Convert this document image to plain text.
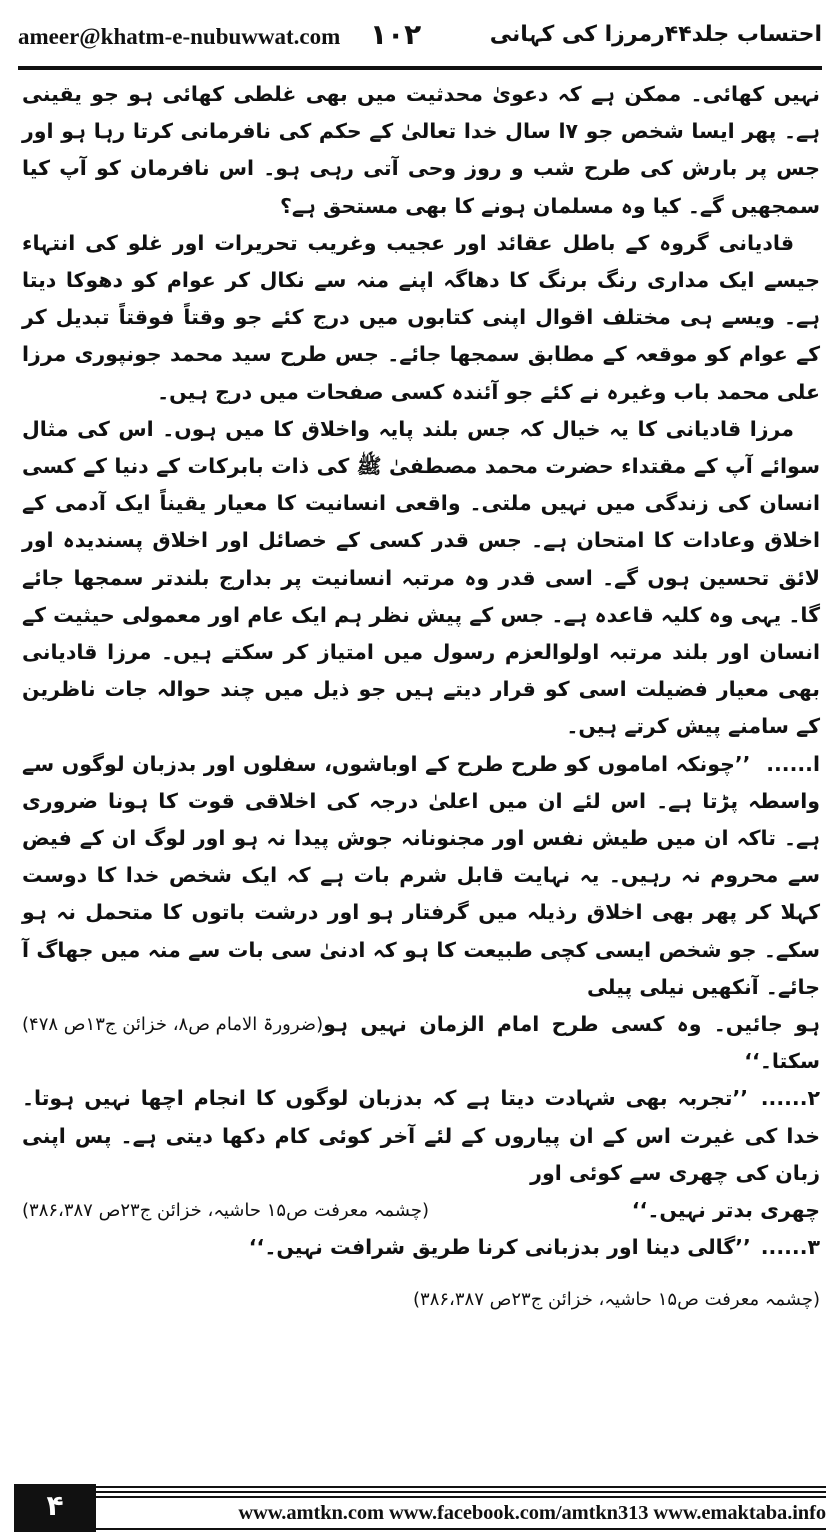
ameer@khatm-e-nubuwwat.com ١٠٢	احتساب جلد۴۴رمرزا کی کہانی

نہیں کھائی۔ ممکن ہے کہ دعویٰ محدثیت میں بھی غلطی کھائی ہو جو یقینی ہے۔ پھر ایسا شخص جو ۷ا سال خدا تعالیٰ کے حکم کی نافرمانی کرتا رہا ہو اور جس پر بارش کی طرح شب و روز وحی آتی رہی ہو۔ اس نافرمان کو آپ کیا سمجھیں گے۔ کیا وہ مسلمان ہونے کا بھی مستحق ہے؟

قادیانی گروہ کے باطل عقائد اور عجیب وغریب تحریرات اور غلو کی انتہاء جیسے ایک مداری رنگ برنگ کا دھاگہ اپنے منہ سے نکال کر عوام کو دھوکا دیتا ہے۔ ویسے ہی مختلف اقوال اپنی کتابوں میں درج کئے جو وقتاً فوقتاً تبدیل کر کے عوام کو موقعہ کے مطابق سمجھا جائے۔ جس طرح سید محمد جونپوری مرزا علی محمد باب وغیرہ نے کئے جو آئندہ کسی صفحات میں درج ہیں۔

مرزا قادیانی کا یہ خیال کہ جس بلند پایہ واخلاق کا میں ہوں۔ اس کی مثال سوائے آپ کے مقتداء حضرت محمد مصطفیٰ ﷺ کی ذات بابرکات کے دنیا کے کسی انسان کی زندگی میں نہیں ملتی۔ واقعی انسانیت کا معیار یقیناً ایک آدمی کے اخلاق وعادات کا امتحان ہے۔ جس قدر کسی کے خصائل اور اخلاق پسندیدہ اور لائق تحسین ہوں گے۔ اسی قدر وہ مرتبہ انسانیت پر بدارج بلندتر سمجھا جائے گا۔ یہی وہ کلیہ قاعدہ ہے۔ جس کے پیش نظر ہم ایک عام اور معمولی حیثیت کے انسان اور بلند مرتبہ اولوالعزم رسول میں امتیاز کر سکتے ہیں۔ مرزا قادیانی بھی معیار فضیلت اسی کو قرار دیتے ہیں جو ذیل میں چند حوالہ جات ناظرین کے سامنے پیش کرتے ہیں۔

ا...... ’’چونکہ اماموں کو طرح طرح کے اوباشوں، سفلوں اور بدزبان لوگوں سے واسطہ پڑتا ہے۔ اس لئے ان میں اعلیٰ درجہ کی اخلاقی قوت کا ہونا ضروری ہے۔ تاکہ ان میں طیش نفس اور مجنونانہ جوش پیدا نہ ہو اور لوگ ان کے فیض سے محروم نہ رہیں۔ یہ نہایت قابل شرم بات ہے کہ ایک شخص خدا کا دوست کہلا کر پھر بھی اخلاق رذیلہ میں گرفتار ہو اور درشت باتوں کا متحمل نہ ہو سکے۔ جو شخص ایسی کچی طبیعت کا ہو کہ ادنیٰ سی بات سے منہ میں جھاگ آ جائے۔ آنکھیں نیلی پیلی

ہو جائیں۔ وہ کسی طرح امام الزمان نہیں ہو سکتا۔‘‘
(ضرورۃ الامام ص۸، خزائن ج۱۳ص ۴۷۸)

۲...... ’’تجربہ بھی شہادت دیتا ہے کہ بدزبان لوگوں کا انجام اچھا نہیں ہوتا۔ خدا کی غیرت اس کے ان پیاروں کے لئے آخر کوئی کام دکھا دیتی ہے۔ پس اپنی زبان کی چھری سے کوئی اور

چھری بدتر نہیں۔‘‘
(چشمہ معرفت ص۱۵ حاشیہ، خزائن ج۲۳ص ۳۸۶،۳۸۷)

۳...... ’’گالی دینا اور بدزبانی کرنا طریق شرافت نہیں۔‘‘

(چشمہ معرفت ص۱۵ حاشیہ، خزائن ج۲۳ص ۳۸۶،۳۸۷)

۴	www.amtkn.com www.facebook.com/amtkn313 www.emaktaba.info
